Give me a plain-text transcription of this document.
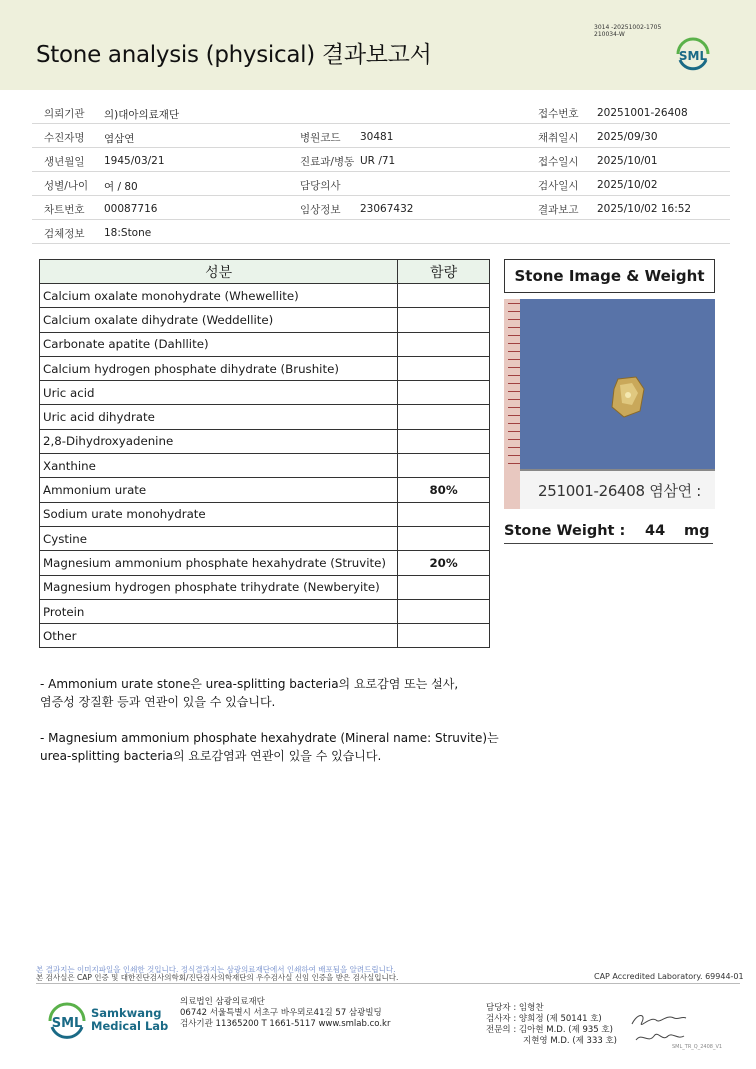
Stone analysis (physical) 결과보고서
3014 -20251002-1705
210034-W
SML
의뢰기관 의)대아의료재단	접수번호 20251001-26408
수진자명 염삼연	병원코드 30481	채취일시 2025/09/30
생년월일 1945/03/21	진료과/병동 UR /71	접수일시 2025/10/01
성별/나이 여 / 80	담당의사	검사일시 2025/10/02
차트번호 00087716	임상정보 23067432	결과보고 2025/10/02 16:52
검체정보 18:Stone
성분	함량
Calcium oxalate monohydrate (Whewellite)	
Calcium oxalate dihydrate (Weddellite)	
Carbonate apatite (Dahllite)	
Calcium hydrogen phosphate dihydrate (Brushite)	
Uric acid	
Uric acid dihydrate	
2,8-Dihydroxyadenine	
Xanthine	
Ammonium urate	80%
Sodium urate monohydrate	
Cystine	
Magnesium ammonium phosphate hexahydrate (Struvite)	20%
Magnesium hydrogen phosphate trihydrate (Newberyite)	
Protein	
Other	
Stone Image & Weight
251001-26408 염삼연 :
Stone Weight : 44 mg
- Ammonium urate stone은 urea-splitting bacteria의 요로감염 또는 설사,
염증성 장질환 등과 연관이 있을 수 있습니다.
- Magnesium ammonium phosphate hexahydrate (Mineral name: Struvite)는
urea-splitting bacteria의 요로감염과 연관이 있을 수 있습니다.
본 결과지는 이미지파일을 인쇄한 것입니다. 정식결과지는 삼광의료재단에서 인쇄하여 배포됨을 알려드립니다.
본 검사실은 CAP 인증 및 대한진단검사의학회/진단검사의학재단의 우수검사실 신임 인증을 받은 검사실입니다.	CAP Accredited Laboratory. 69944-01
SML
Samkwang
Medical Lab
의료법인 삼광의료재단
06742 서울특별시 서초구 바우뫼로41길 57 삼광빌딩
검사기관 11365200 T 1661-5117 www.smlab.co.kr
담당자 : 임형찬
검사자 : 양희정 (제 50141 호)
전문의 : 김아현 M.D. (제 935 호)
지현영 M.D. (제 333 호)
SML_TR_Q_2408_V1
